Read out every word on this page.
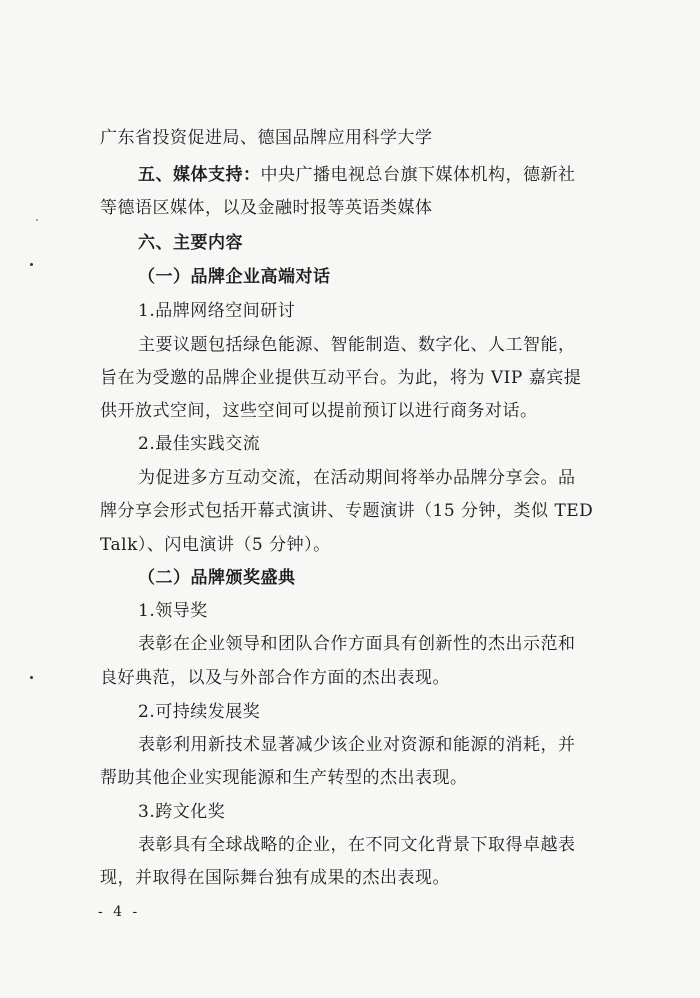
广东省投资促进局、德国品牌应用科学大学
五、媒体支持：中央广播电视总台旗下媒体机构，德新社
等德语区媒体，以及金融时报等英语类媒体
六、主要内容
（一）品牌企业高端对话
1.品牌网络空间研讨
主要议题包括绿色能源、智能制造、数字化、人工智能，
旨在为受邀的品牌企业提供互动平台。为此，将为 VIP 嘉宾提
供开放式空间，这些空间可以提前预订以进行商务对话。
2.最佳实践交流
为促进多方互动交流，在活动期间将举办品牌分享会。品
牌分享会形式包括开幕式演讲、专题演讲（15 分钟，类似 TED
Talk）、闪电演讲（5 分钟）。
（二）品牌颁奖盛典
1.领导奖
表彰在企业领导和团队合作方面具有创新性的杰出示范和
良好典范，以及与外部合作方面的杰出表现。
2.可持续发展奖
表彰利用新技术显著减少该企业对资源和能源的消耗，并
帮助其他企业实现能源和生产转型的杰出表现。
3.跨文化奖
表彰具有全球战略的企业，在不同文化背景下取得卓越表
现，并取得在国际舞台独有成果的杰出表现。
- 4 -
